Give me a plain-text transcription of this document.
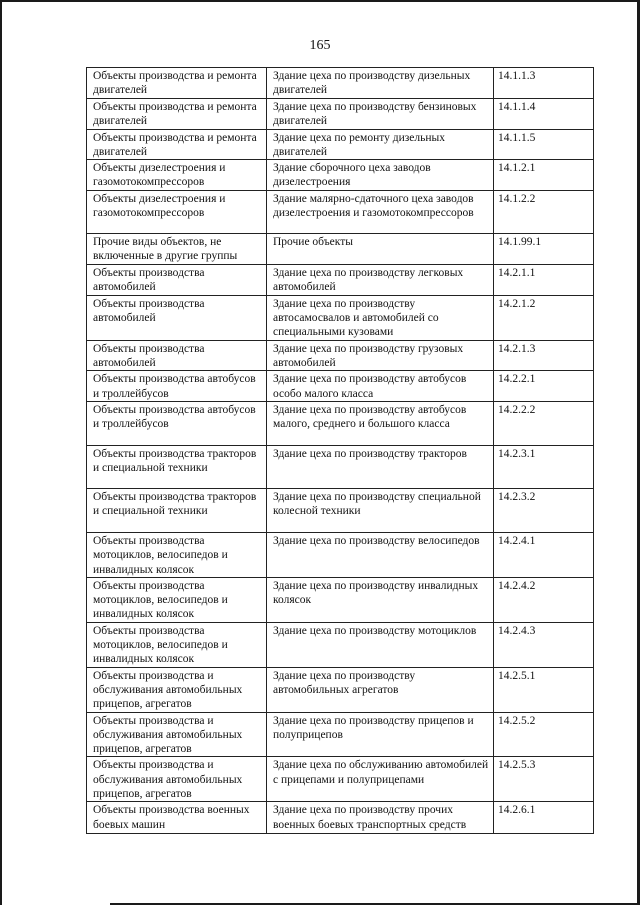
165
Объекты производства и ремонта двигателей	Здание цеха по производству дизельных двигателей	14.1.1.3
Объекты производства и ремонта двигателей	Здание цеха по производству бензиновых двигателей	14.1.1.4
Объекты производства и ремонта двигателей	Здание цеха по ремонту дизельных двигателей	14.1.1.5
Объекты дизелестроения и газомотокомпрессоров	Здание сборочного цеха заводов дизелестроения	14.1.2.1
Объекты дизелестроения и газомотокомпрессоров	Здание малярно-сдаточного цеха заводов дизелестроения и газомотокомпрессоров	14.1.2.2
Прочие виды объектов, не включенные в другие группы	Прочие объекты	14.1.99.1
Объекты производства автомобилей	Здание цеха по производству легковых автомобилей	14.2.1.1
Объекты производства автомобилей	Здание цеха по производству автосамосвалов и автомобилей со специальными кузовами	14.2.1.2
Объекты производства автомобилей	Здание цеха по производству грузовых автомобилей	14.2.1.3
Объекты производства автобусов и троллейбусов	Здание цеха по производству автобусов особо малого класса	14.2.2.1
Объекты производства автобусов и троллейбусов	Здание цеха по производству автобусов малого, среднего и большого класса	14.2.2.2
Объекты производства тракторов и специальной техники	Здание цеха по производству тракторов	14.2.3.1
Объекты производства тракторов и специальной техники	Здание цеха по производству специальной колесной техники	14.2.3.2
Объекты производства мотоциклов, велосипедов и инвалидных колясок	Здание цеха по производству велосипедов	14.2.4.1
Объекты производства мотоциклов, велосипедов и инвалидных колясок	Здание цеха по производству инвалидных колясок	14.2.4.2
Объекты производства мотоциклов, велосипедов и инвалидных колясок	Здание цеха по производству мотоциклов	14.2.4.3
Объекты производства и обслуживания автомобильных прицепов, агрегатов	Здание цеха по производству автомобильных агрегатов	14.2.5.1
Объекты производства и обслуживания автомобильных прицепов, агрегатов	Здание цеха по производству прицепов и полуприцепов	14.2.5.2
Объекты производства и обслуживания автомобильных прицепов, агрегатов	Здание цеха по обслуживанию автомобилей с прицепами и полуприцепами	14.2.5.3
Объекты производства военных боевых машин	Здание цеха по производству прочих военных боевых транспортных средств	14.2.6.1
